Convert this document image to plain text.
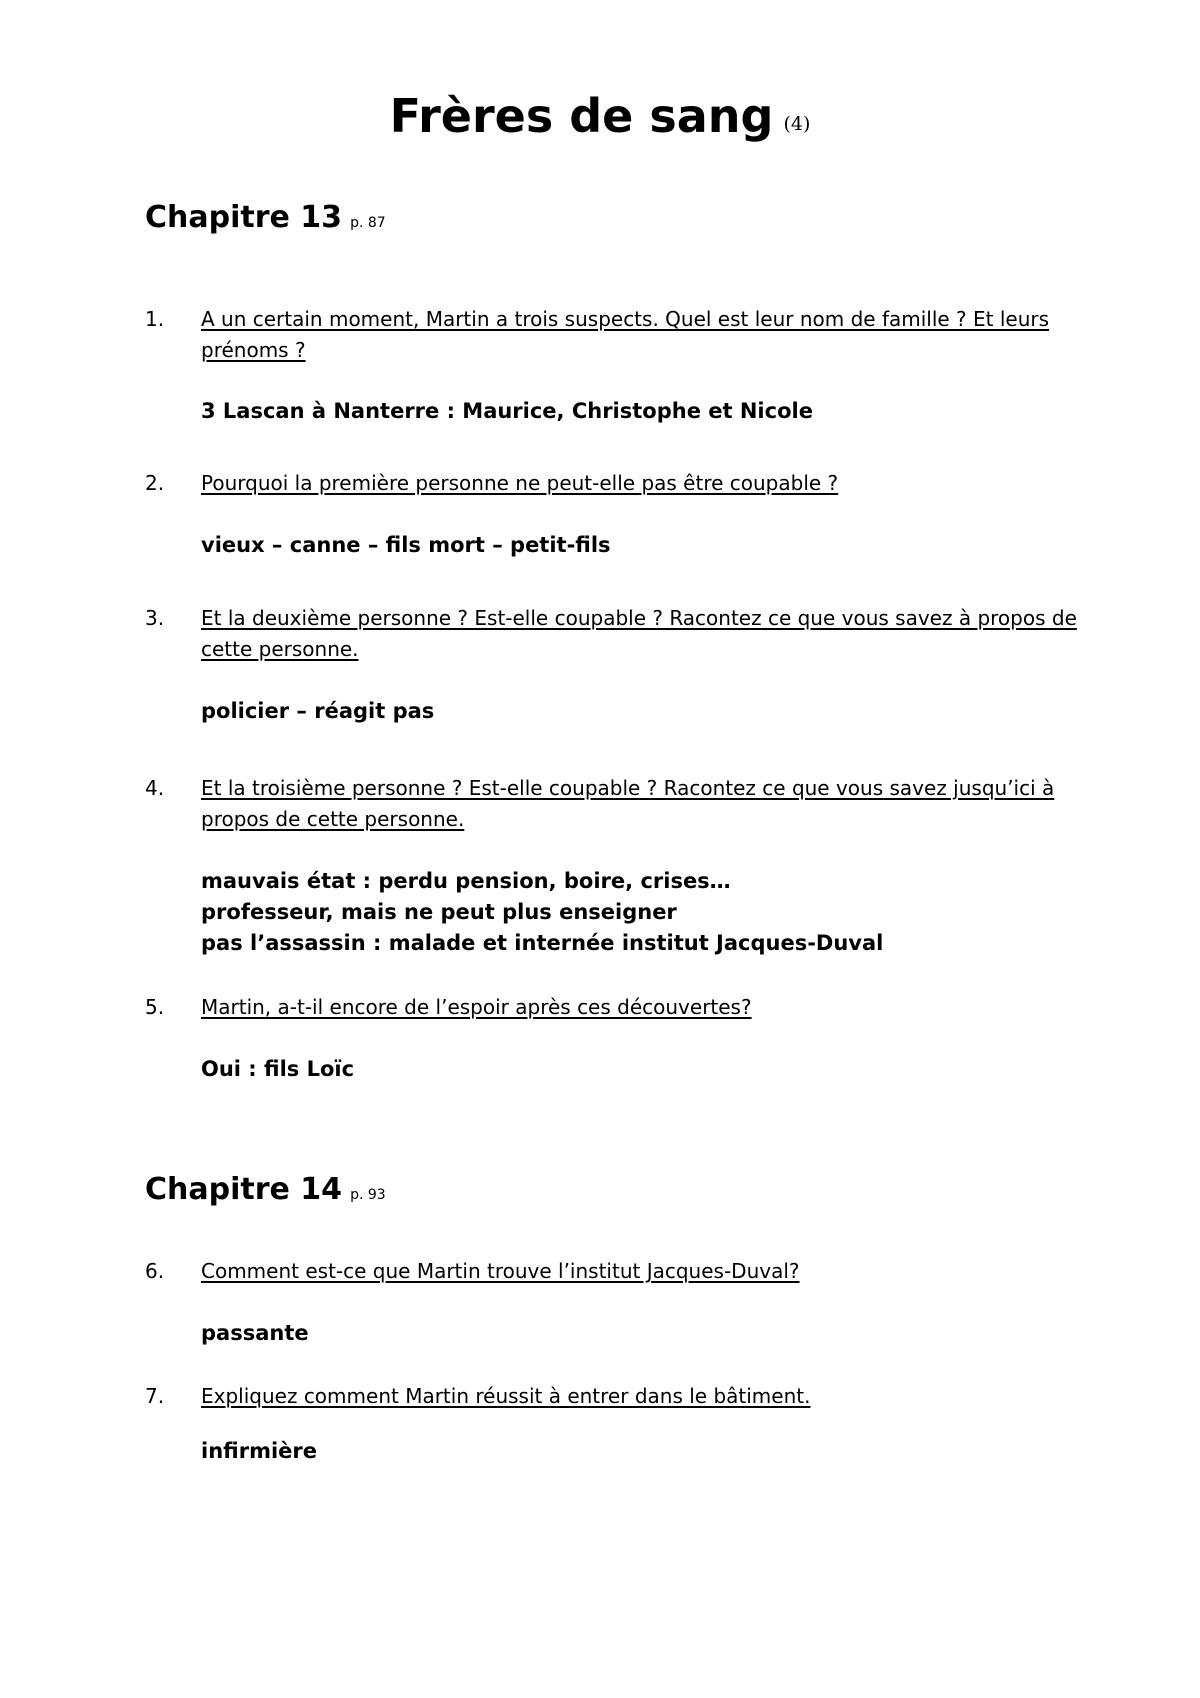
Frères de sang (4)
Chapitre 13 p. 87
1. A un certain moment, Martin a trois suspects. Quel est leur nom de famille ? Et leurs prénoms ?
3 Lascan à Nanterre : Maurice, Christophe et Nicole
2. Pourquoi la première personne ne peut-elle pas être coupable ?
vieux – canne – fils mort – petit-fils
3. Et la deuxième personne ? Est-elle coupable ? Racontez ce que vous savez à propos de cette personne.
policier – réagit pas
4. Et la troisième personne ? Est-elle coupable ? Racontez ce que vous savez jusqu’ici à propos de cette personne.
mauvais état : perdu pension, boire, crises…
professeur, mais ne peut plus enseigner
pas l’assassin : malade et internée institut Jacques-Duval
5. Martin, a-t-il encore de l’espoir après ces découvertes?
Oui : fils Loïc
Chapitre 14 p. 93
6. Comment est-ce que Martin trouve l’institut Jacques-Duval?
passante
7. Expliquez comment Martin réussit à entrer dans le bâtiment.
infirmière
